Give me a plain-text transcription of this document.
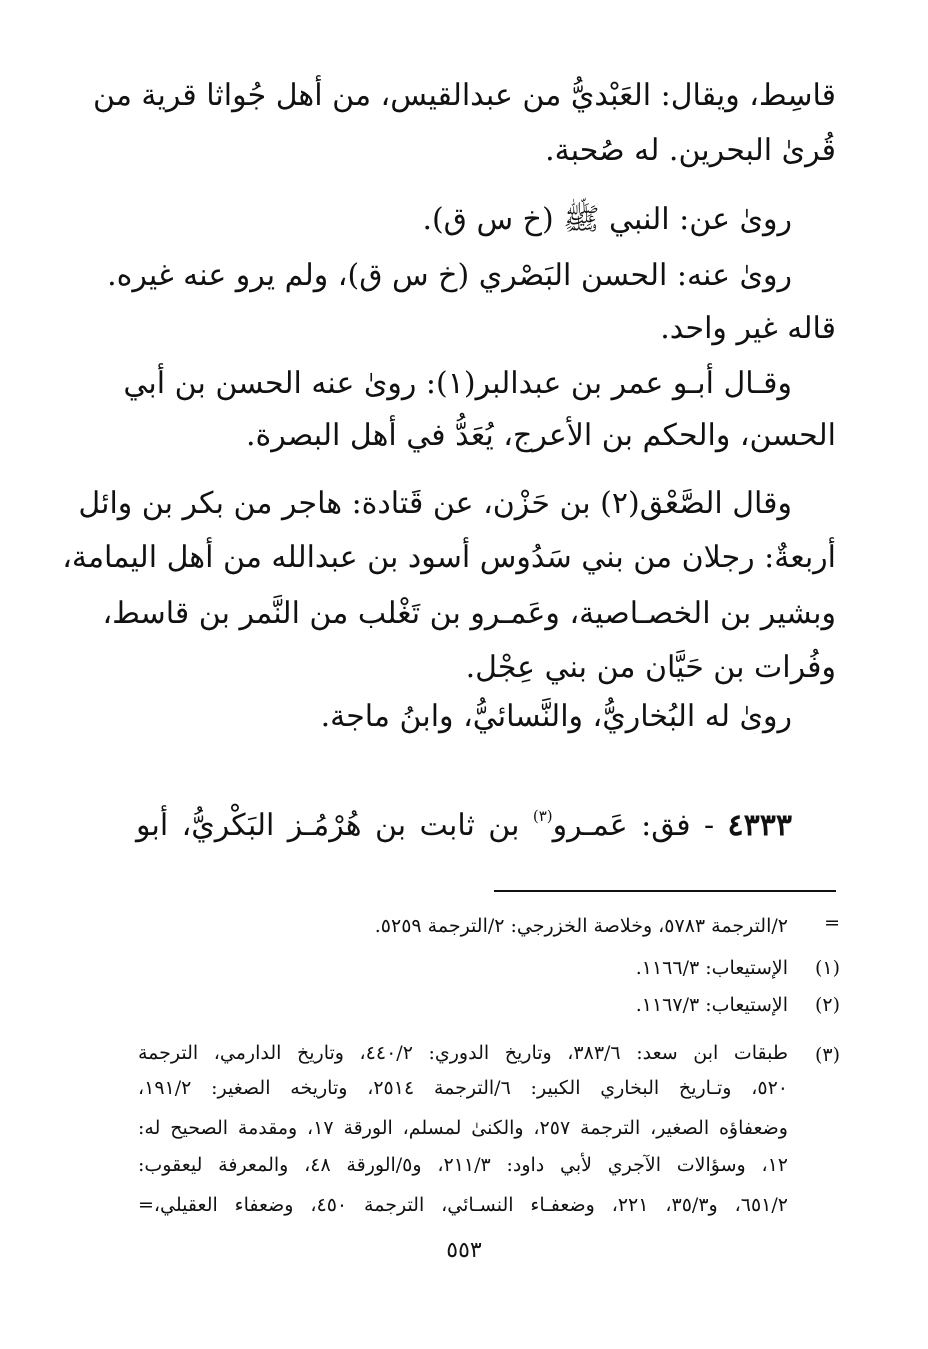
قاسِط، ويقال: العَبْديُّ من عبدالقيس، من أهل جُواثا قرية من
قُرىٰ البحرين. له صُحبة.
روىٰ عن: النبي ﷺ (خ س ق).
روىٰ عنه: الحسن البَصْري (خ س ق)، ولم يرو عنه غيره.
قاله غير واحد.
وقـال أبـو عمر بن عبدالبر(١): روىٰ عنه الحسن بن أبي
الحسن، والحكم بن الأعرج، يُعَدُّ في أهل البصرة.
وقال الصَّعْق(٢) بن حَزْن، عن قَتادة: هاجر من بكر بن وائل
أربعةٌ: رجلان من بني سَدُوس أسود بن عبدالله من أهل اليمامة،
وبشير بن الخصـاصية، وعَمـرو بن تَغْلب من النَّمر بن قاسط،
وفُرات بن حَيَّان من بني عِجْل.
روىٰ له البُخاريُّ، والنَّسائيُّ، وابنُ ماجة.
٤٣٣٣ - فق: عَمـرو$^{(٣)}$ بن ثابت بن هُرْمُـز البَكْريُّ، أبو
=
٢/الترجمة ٥٧٨٣، وخلاصة الخزرجي: ٢/الترجمة ٥٢٥٩.
(١)
الإستيعاب: ١١٦٦/٣.
(٢)
الإستيعاب: ١١٦٧/٣.
(٣)
طبقات ابن سعد: ٣٨٣/٦، وتاريخ الدوري: ٤٤٠/٢، وتاريخ الدارمي، الترجمة
٥٢٠، وتـاريخ البخاري الكبير: ٦/الترجمة ٢٥١٤، وتاريخه الصغير: ١٩١/٢،
وضعفاؤه الصغير، الترجمة ٢٥٧، والكنىٰ لمسلم، الورقة ١٧، ومقدمة الصحيح له:
١٢، وسؤالات الآجري لأبي داود: ٢١١/٣، و٥/الورقة ٤٨، والمعرفة ليعقوب:
٦٥١/٢، و٣٥/٣، ٢٢١، وضعفـاء النسـائي، الترجمة ٤٥٠، وضعفاء العقيلي،=
٥٥٣
